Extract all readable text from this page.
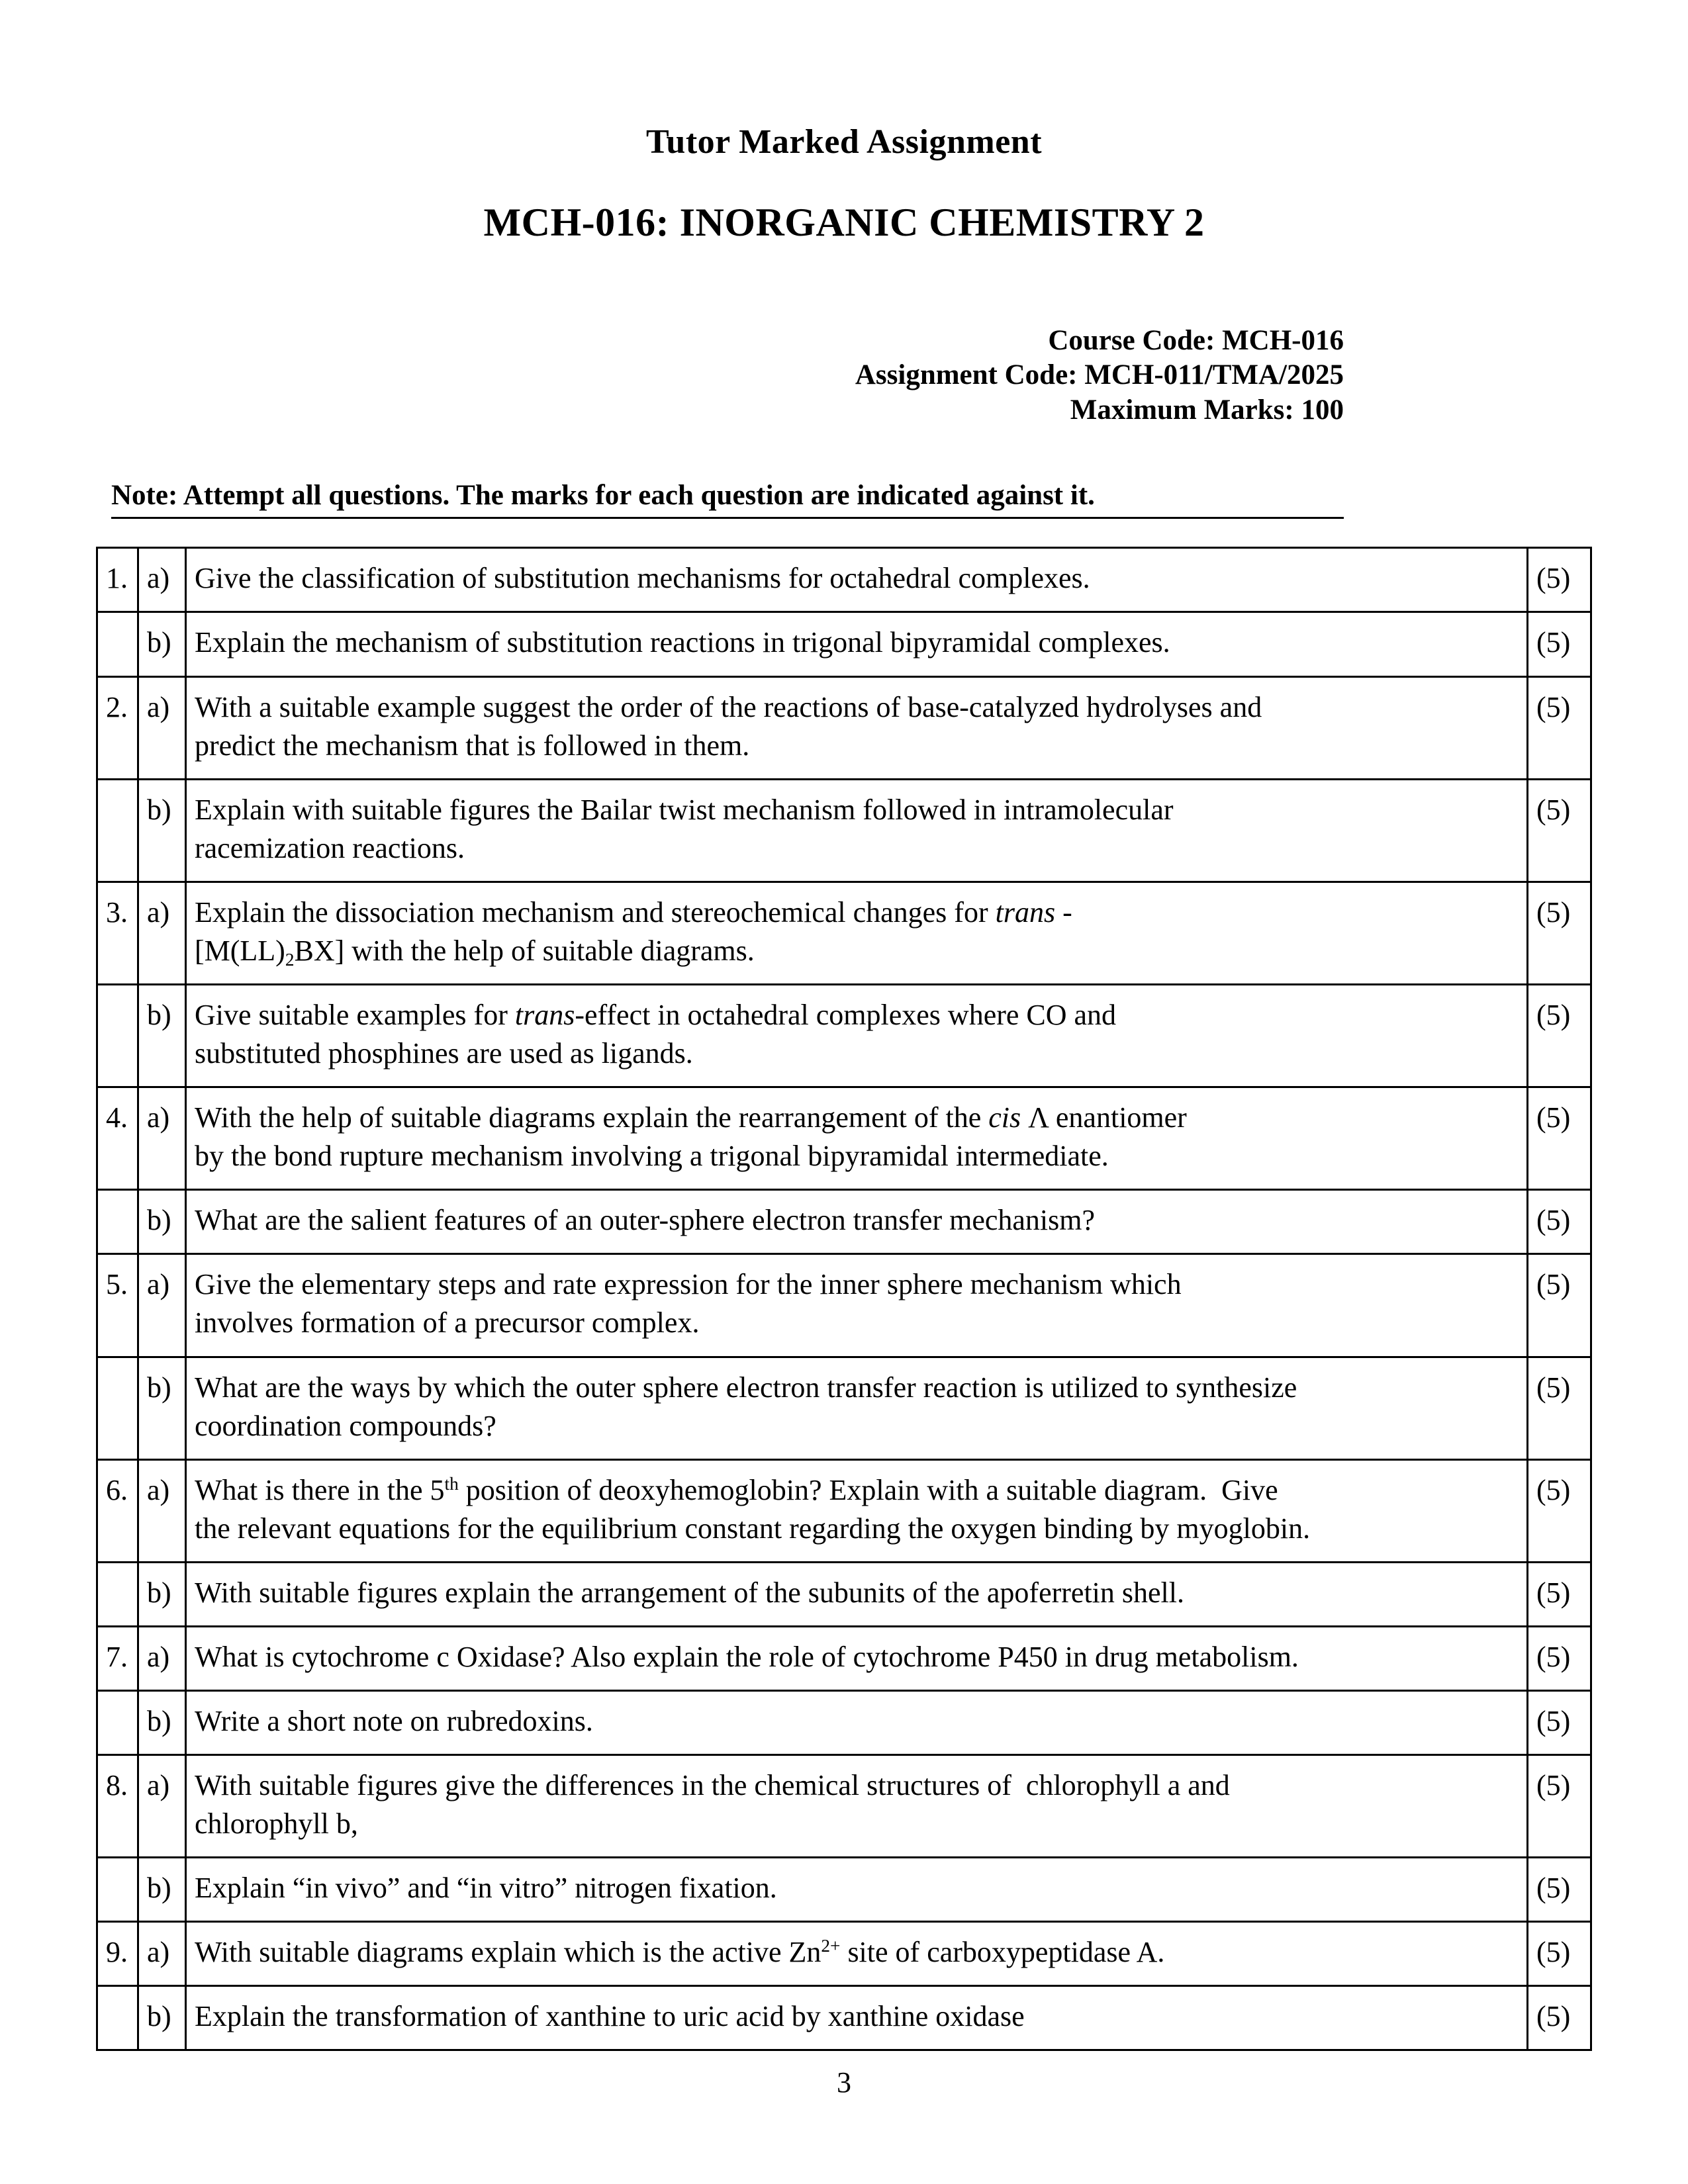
Tutor Marked Assignment
MCH-016: INORGANIC CHEMISTRY 2
Course Code: MCH-016
Assignment Code: MCH-011/TMA/2025
Maximum Marks: 100
Note: Attempt all questions. The marks for each question are indicated against it.
1.	a)	Give the classification of substitution mechanisms for octahedral complexes.	(5)
	b)	Explain the mechanism of substitution reactions in trigonal bipyramidal complexes.	(5)
2.	a)	With a suitable example suggest the order of the reactions of base-catalyzed hydrolyses and
predict the mechanism that is followed in them.	(5)
	b)	Explain with suitable figures the Bailar twist mechanism followed in intramolecular
racemization reactions.	(5)
3.	a)	Explain the dissociation mechanism and stereochemical changes for trans -
$[M(LL)_2BX]$ with the help of suitable diagrams.	(5)
	b)	Give suitable examples for trans-effect in octahedral complexes where CO and
substituted phosphines are used as ligands.	(5)
4.	a)	With the help of suitable diagrams explain the rearrangement of the cis Λ enantiomer
by the bond rupture mechanism involving a trigonal bipyramidal intermediate.	(5)
	b)	What are the salient features of an outer-sphere electron transfer mechanism?	(5)
5.	a)	Give the elementary steps and rate expression for the inner sphere mechanism which
involves formation of a precursor complex.	(5)
	b)	What are the ways by which the outer sphere electron transfer reaction is utilized to synthesize
coordination compounds?	(5)
6.	a)	What is there in the 5th position of deoxyhemoglobin? Explain with a suitable diagram.  Give
the relevant equations for the equilibrium constant regarding the oxygen binding by myoglobin.	(5)
	b)	With suitable figures explain the arrangement of the subunits of the apoferretin shell.	(5)
7.	a)	What is cytochrome c Oxidase? Also explain the role of cytochrome P450 in drug metabolism.	(5)
	b)	Write a short note on rubredoxins.	(5)
8.	a)	With suitable figures give the differences in the chemical structures of  chlorophyll a and
chlorophyll b,	(5)
	b)	Explain “in vivo” and “in vitro” nitrogen fixation.	(5)
9.	a)	With suitable diagrams explain which is the active $Zn^{2+}$ site of carboxypeptidase A.	(5)
	b)	Explain the transformation of xanthine to uric acid by xanthine oxidase	(5)
3
